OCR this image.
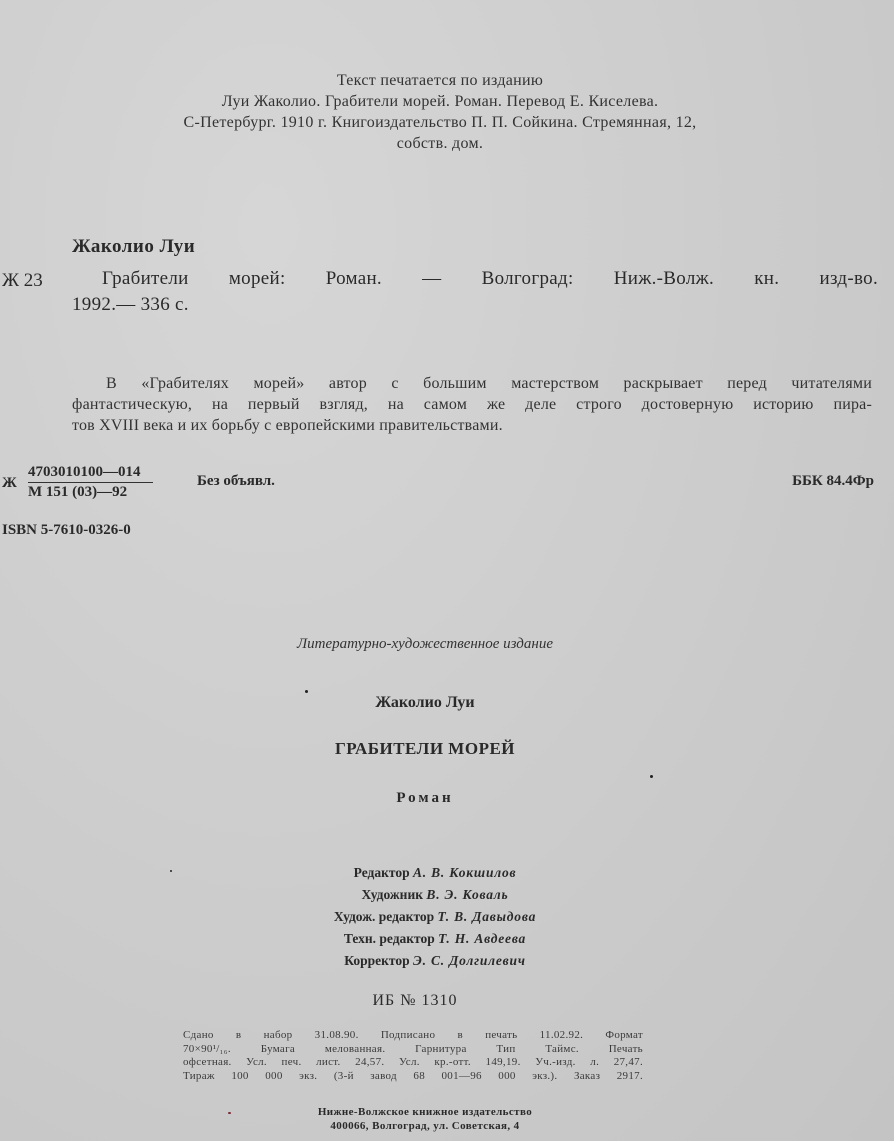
Текст печатается по изданию
Луи Жаколио. Грабители морей. Роман. Перевод Е. Киселева.
С-Петербург. 1910 г. Книгоиздательство П. П. Сойкина. Стремянная, 12,
собств. дом.
Жаколио Луи
Ж 23	Грабители морей: Роман. — Волгоград: Ниж.-Волж. кн. изд-во.
1992.— 336 с.
В «Грабителях морей» автор с большим мастерством раскрывает перед читателями
фантастическую, на первый взгляд, на самом же деле строго достоверную историю пира-
тов XVIII века и их борьбу с европейскими правительствами.
Ж
4703010100—014
М 151 (03)—92
Без объявл.	ББК 84.4Фр
ISBN 5-7610-0326-0
Литературно-художественное издание
Жаколио Луи
ГРАБИТЕЛИ МОРЕЙ
Роман
Редактор А. В. Кокшилов
Художник В. Э. Коваль
Худож. редактор Т. В. Давыдова
Техн. редактор Т. Н. Авдеева
Корректор Э. С. Долгилевич
ИБ № 1310
Сдано в набор 31.08.90. Подписано в печать 11.02.92. Формат
70×90¹/₁₆. Бумага мелованная. Гарнитура Тип Таймс. Печать
офсетная. Усл. печ. лист. 24,57. Усл. кр.-отт. 149,19. Уч.-изд. л. 27,47.
Тираж 100 000 экз. (3-й завод 68 001—96 000 экз.). Заказ 2917.
Нижне-Волжское книжное издательство
400066, Волгоград, ул. Советская, 4
